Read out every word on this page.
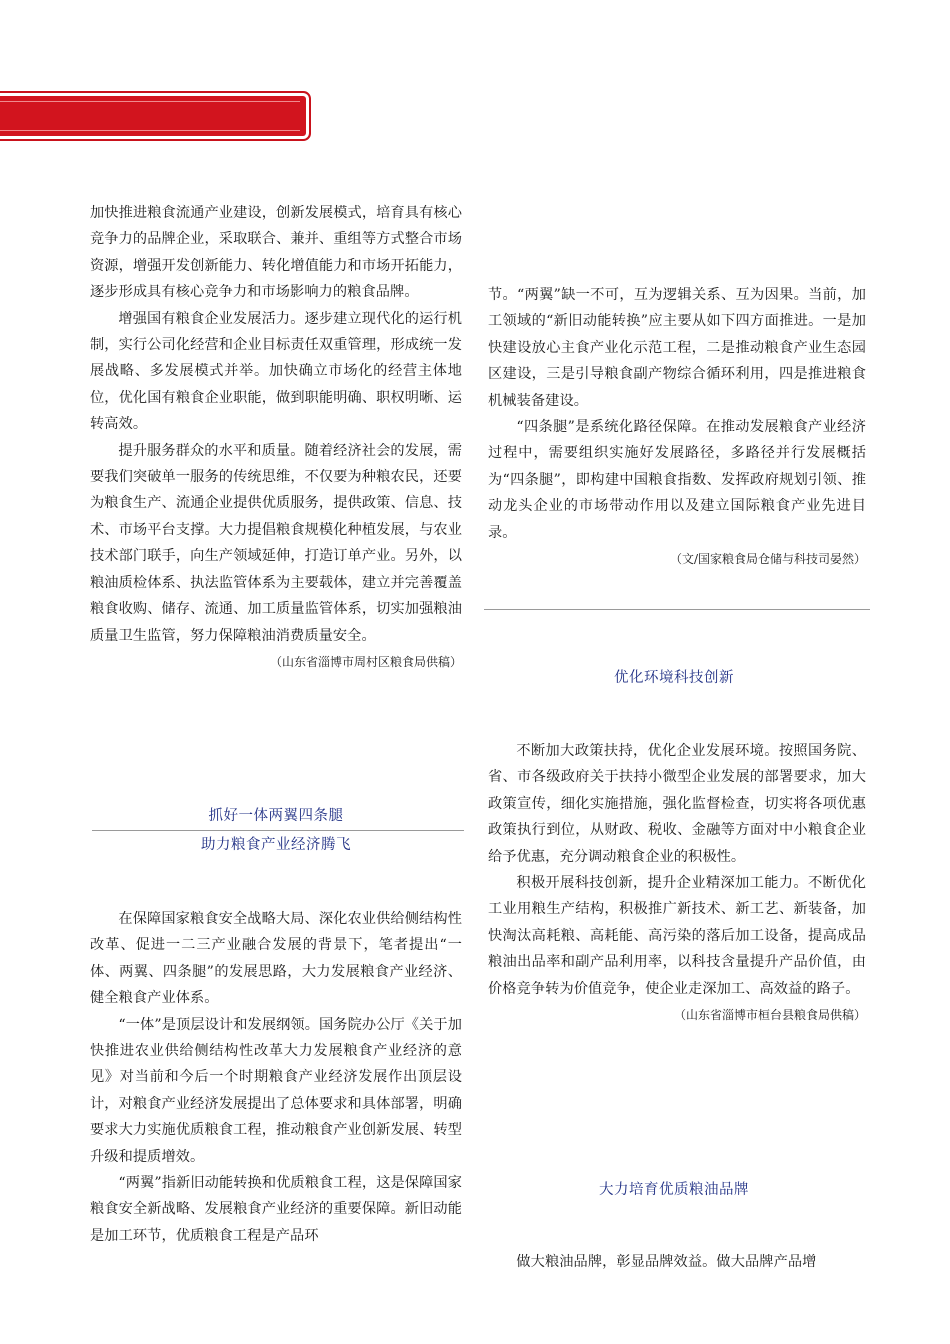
加快推进粮食流通产业建设，创新发展模式，培育具有核心竞争力的品牌企业，采取联合、兼并、重组等方式整合市场资源，增强开发创新能力、转化增值能力和市场开拓能力，逐步形成具有核心竞争力和市场影响力的粮食品牌。

增强国有粮食企业发展活力。逐步建立现代化的运行机制，实行公司化经营和企业目标责任双重管理，形成统一发展战略、多发展模式并举。加快确立市场化的经营主体地位，优化国有粮食企业职能，做到职能明确、职权明晰、运转高效。

提升服务群众的水平和质量。随着经济社会的发展，需要我们突破单一服务的传统思维，不仅要为种粮农民，还要为粮食生产、流通企业提供优质服务，提供政策、信息、技术、市场平台支撑。大力提倡粮食规模化种植发展，与农业技术部门联手，向生产领域延伸，打造订单产业。另外，以粮油质检体系、执法监管体系为主要载体，建立并完善覆盖粮食收购、储存、流通、加工质量监管体系，切实加强粮油质量卫生监管，努力保障粮油消费质量安全。

（山东省淄博市周村区粮食局供稿）

抓好一体两翼四条腿
助力粮食产业经济腾飞

在保障国家粮食安全战略大局、深化农业供给侧结构性改革、促进一二三产业融合发展的背景下，笔者提出“一体、两翼、四条腿”的发展思路，大力发展粮食产业经济、健全粮食产业体系。

“一体”是顶层设计和发展纲领。国务院办公厅《关于加快推进农业供给侧结构性改革大力发展粮食产业经济的意见》对当前和今后一个时期粮食产业经济发展作出顶层设计，对粮食产业经济发展提出了总体要求和具体部署，明确要求大力实施优质粮食工程，推动粮食产业创新发展、转型升级和提质增效。

“两翼”指新旧动能转换和优质粮食工程，这是保障国家粮食安全新战略、发展粮食产业经济的重要保障。新旧动能是加工环节，优质粮食工程是产品环

节。“两翼”缺一不可，互为逻辑关系、互为因果。当前，加工领域的“新旧动能转换”应主要从如下四方面推进。一是加快建设放心主食产业化示范工程，二是推动粮食产业生态园区建设，三是引导粮食副产物综合循环利用，四是推进粮食机械装备建设。

“四条腿”是系统化路径保障。在推动发展粮食产业经济过程中，需要组织实施好发展路径，多路径并行发展概括为“四条腿”，即构建中国粮食指数、发挥政府规划引领、推动龙头企业的市场带动作用以及建立国际粮食产业先进目录。

（文/国家粮食局仓储与科技司晏然）

优化环境科技创新

不断加大政策扶持，优化企业发展环境。按照国务院、省、市各级政府关于扶持小微型企业发展的部署要求，加大政策宣传，细化实施措施，强化监督检查，切实将各项优惠政策执行到位，从财政、税收、金融等方面对中小粮食企业给予优惠，充分调动粮食企业的积极性。

积极开展科技创新，提升企业精深加工能力。不断优化工业用粮生产结构，积极推广新技术、新工艺、新装备，加快淘汰高耗粮、高耗能、高污染的落后加工设备，提高成品粮油出品率和副产品利用率，以科技含量提升产品价值，由价格竞争转为价值竞争，使企业走深加工、高效益的路子。

（山东省淄博市桓台县粮食局供稿）

大力培育优质粮油品牌

做大粮油品牌，彰显品牌效益。做大品牌产品增
